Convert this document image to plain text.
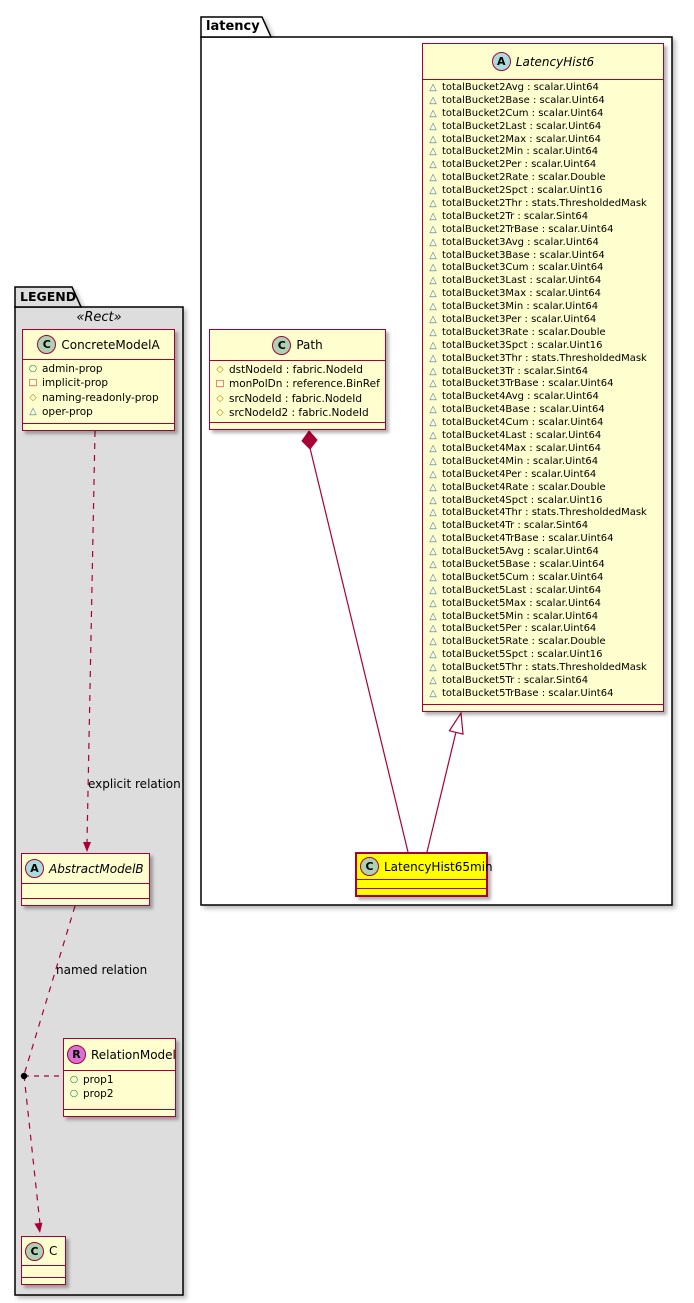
latency
LEGEND
«Rect»
A LatencyHist6
△ totalBucket2Avg : scalar.Uint64
△ totalBucket2Base : scalar.Uint64
△ totalBucket2Cum : scalar.Uint64
△ totalBucket2Last : scalar.Uint64
△ totalBucket2Max : scalar.Uint64
△ totalBucket2Min : scalar.Uint64
△ totalBucket2Per : scalar.Uint64
△ totalBucket2Rate : scalar.Double
△ totalBucket2Spct : scalar.Uint16
△ totalBucket2Thr : stats.ThresholdedMask
△ totalBucket2Tr : scalar.Sint64
△ totalBucket2TrBase : scalar.Uint64
△ totalBucket3Avg : scalar.Uint64
△ totalBucket3Base : scalar.Uint64
△ totalBucket3Cum : scalar.Uint64
△ totalBucket3Last : scalar.Uint64
△ totalBucket3Max : scalar.Uint64
△ totalBucket3Min : scalar.Uint64
△ totalBucket3Per : scalar.Uint64
△ totalBucket3Rate : scalar.Double
△ totalBucket3Spct : scalar.Uint16
△ totalBucket3Thr : stats.ThresholdedMask
△ totalBucket3Tr : scalar.Sint64
△ totalBucket3TrBase : scalar.Uint64
△ totalBucket4Avg : scalar.Uint64
△ totalBucket4Base : scalar.Uint64
△ totalBucket4Cum : scalar.Uint64
△ totalBucket4Last : scalar.Uint64
△ totalBucket4Max : scalar.Uint64
△ totalBucket4Min : scalar.Uint64
△ totalBucket4Per : scalar.Uint64
△ totalBucket4Rate : scalar.Double
△ totalBucket4Spct : scalar.Uint16
△ totalBucket4Thr : stats.ThresholdedMask
△ totalBucket4Tr : scalar.Sint64
△ totalBucket4TrBase : scalar.Uint64
△ totalBucket5Avg : scalar.Uint64
△ totalBucket5Base : scalar.Uint64
△ totalBucket5Cum : scalar.Uint64
△ totalBucket5Last : scalar.Uint64
△ totalBucket5Max : scalar.Uint64
△ totalBucket5Min : scalar.Uint64
△ totalBucket5Per : scalar.Uint64
△ totalBucket5Rate : scalar.Double
△ totalBucket5Spct : scalar.Uint16
△ totalBucket5Thr : stats.ThresholdedMask
△ totalBucket5Tr : scalar.Sint64
△ totalBucket5TrBase : scalar.Uint64
C Path
◇ dstNodeId : fabric.NodeId
□ monPolDn : reference.BinRef
◇ srcNodeId : fabric.NodeId
◇ srcNodeId2 : fabric.NodeId
C LatencyHist65min
C ConcreteModelA
○ admin-prop
□ implicit-prop
◇ naming-readonly-prop
△ oper-prop
A AbstractModelB
R RelationModel
○ prop1
○ prop2
C C
explicit relation
named relation
